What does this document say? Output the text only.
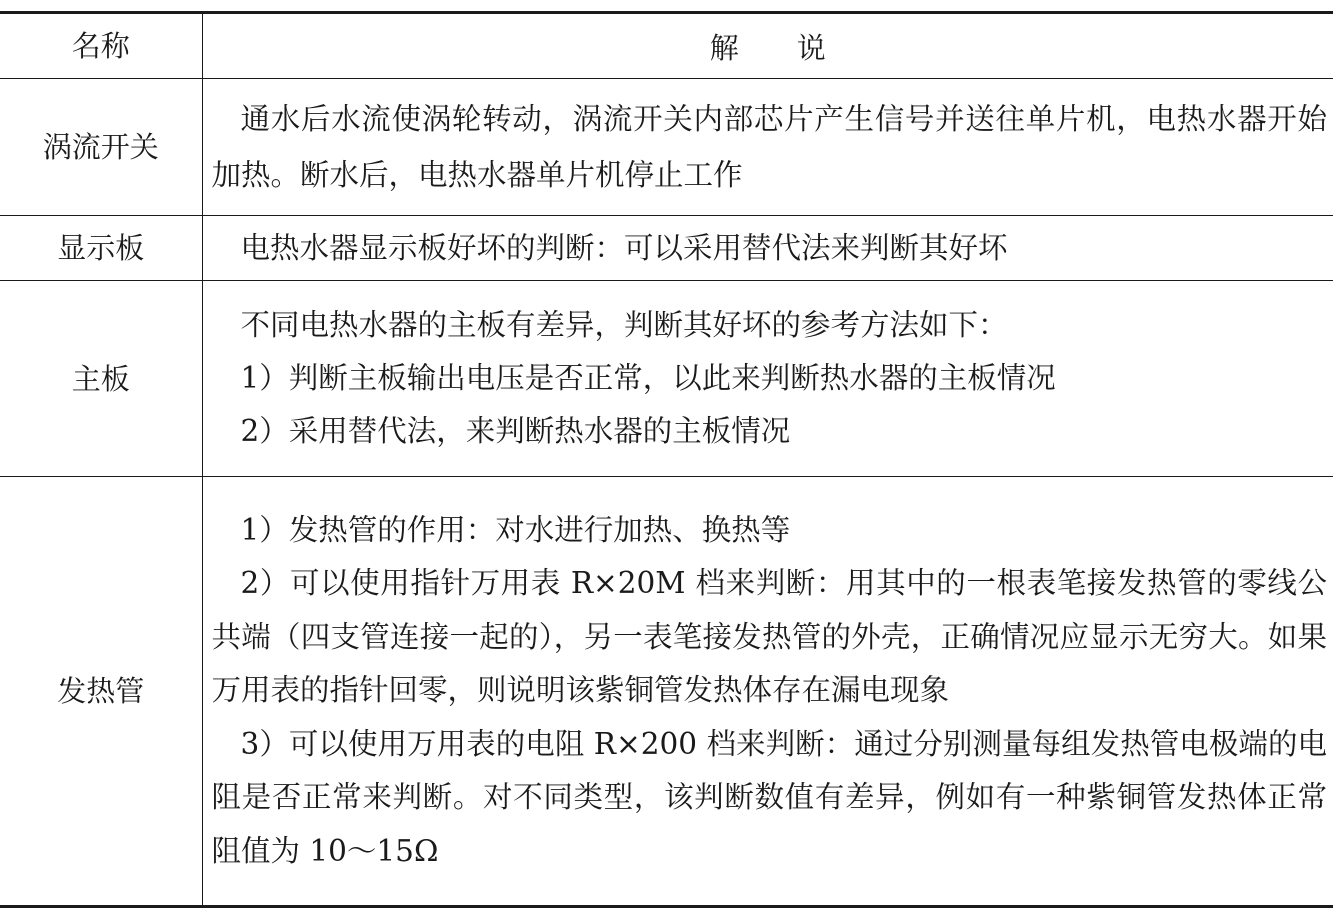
名称	解 说
涡流开关	通水后水流使涡轮转动，涡流开关内部芯片产生信号并送往单片机，电热水器开始加热。断水后，电热水器单片机停止工作

显示板	电热水器显示板好坏的判断：可以采用替代法来判断其好坏

主板	不同电热水器的主板有差异，判断其好坏的参考方法如下：
1）判断主板输出电压是否正常，以此来判断热水器的主板情况
2）采用替代法，来判断热水器的主板情况

发热管	1）发热管的作用：对水进行加热、换热等
2）可以使用指针万用表 R×20M 档来判断：用其中的一根表笔接发热管的零线公共端（四支管连接一起的），另一表笔接发热管的外壳，正确情况应显示无穷大。如果万用表的指针回零，则说明该紫铜管发热体存在漏电现象
3）可以使用万用表的电阻 R×200 档来判断：通过分别测量每组发热管电极端的电阻是否正常来判断。对不同类型，该判断数值有差异，例如有一种紫铜管发热体正常阻值为 10～15Ω
